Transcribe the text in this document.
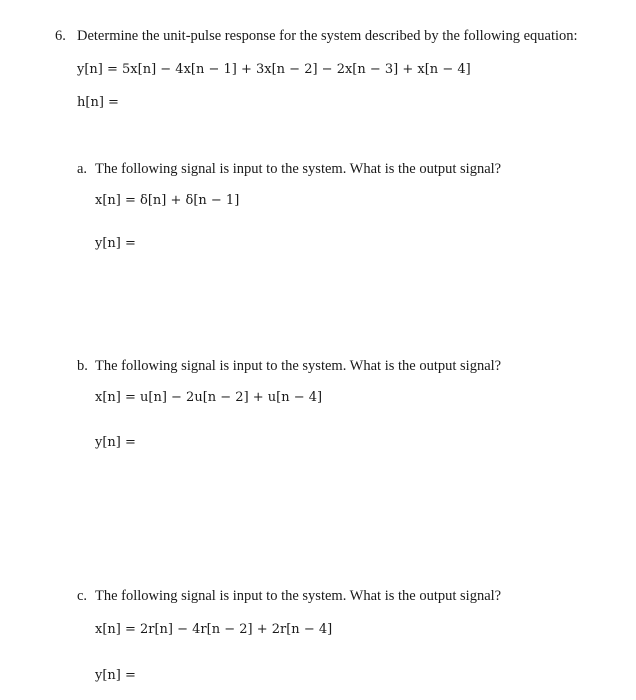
6. Determine the unit-pulse response for the system described by the following equation:
y[n] = 5x[n] − 4x[n − 1] + 3x[n − 2] − 2x[n − 3] + x[n − 4]
h[n] =
a. The following signal is input to the system. What is the output signal?
x[n] = δ[n] + δ[n − 1]
y[n] =
b. The following signal is input to the system. What is the output signal?
x[n] = u[n] − 2u[n − 2] + u[n − 4]
y[n] =
c. The following signal is input to the system. What is the output signal?
x[n] = 2r[n] − 4r[n − 2] + 2r[n − 4]
y[n] =
